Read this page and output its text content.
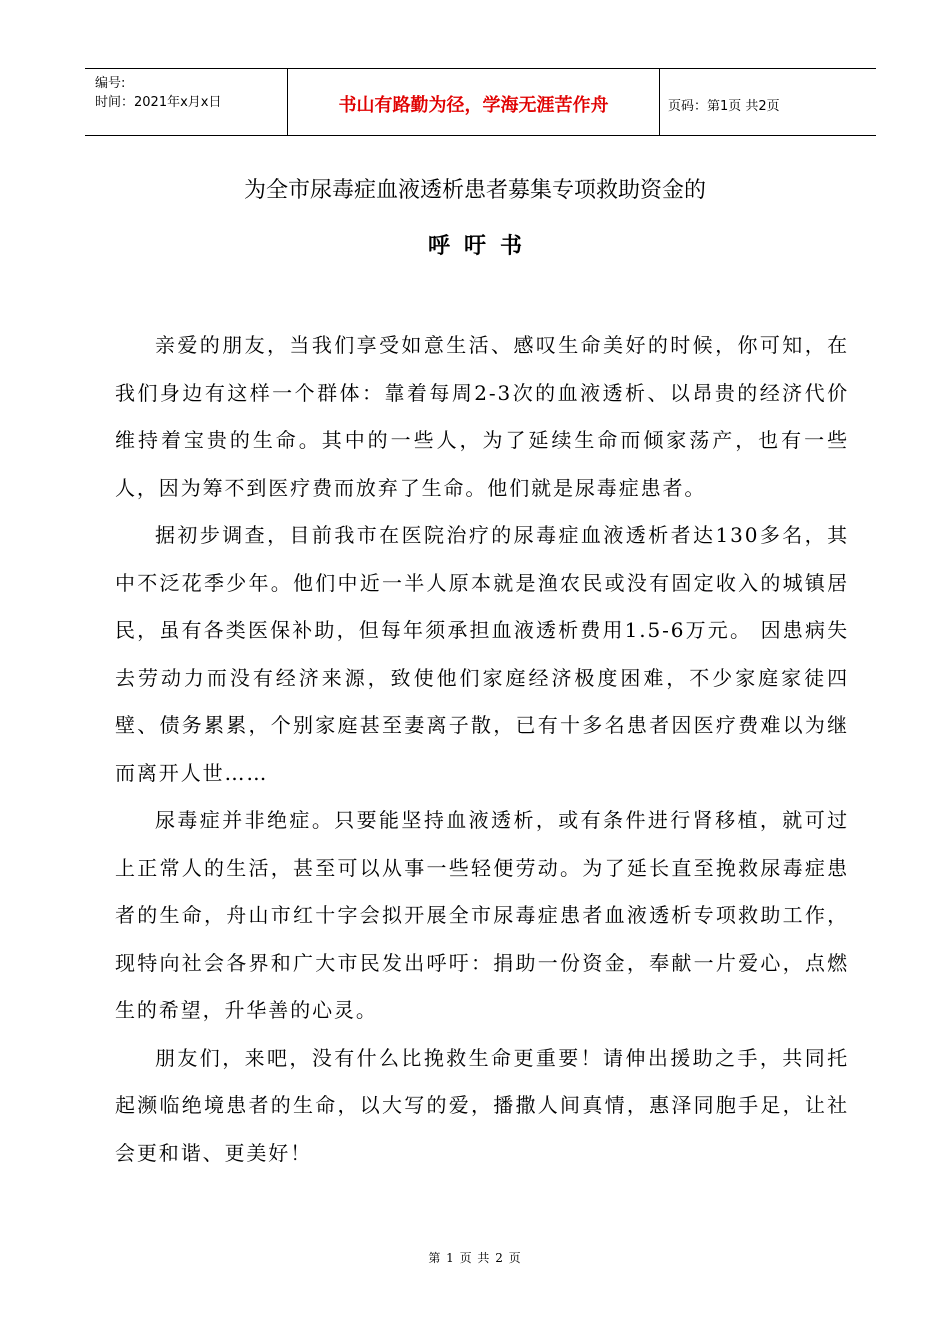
编号:
时间：2021年x月x日	书山有路勤为径，学海无涯苦作舟	页码：第1页 共2页
为全市尿毒症血液透析患者募集专项救助资金的
呼吁书

亲爱的朋友，当我们享受如意生活、感叹生命美好的时候，你可知，在我们身边有这样一个群体：靠着每周2-3次的血液透析、以昂贵的经济代价维持着宝贵的生命。其中的一些人，为了延续生命而倾家荡产，也有一些人，因为筹不到医疗费而放弃了生命。他们就是尿毒症患者。

据初步调查，目前我市在医院治疗的尿毒症血液透析者达130多名，其中不泛花季少年。他们中近一半人原本就是渔农民或没有固定收入的城镇居民，虽有各类医保补助，但每年须承担血液透析费用1.5-6万元。 因患病失去劳动力而没有经济来源，致使他们家庭经济极度困难，不少家庭家徒四壁、债务累累，个别家庭甚至妻离子散，已有十多名患者因医疗费难以为继而离开人世……

尿毒症并非绝症。只要能坚持血液透析，或有条件进行肾移植，就可过上正常人的生活，甚至可以从事一些轻便劳动。为了延长直至挽救尿毒症患者的生命，舟山市红十字会拟开展全市尿毒症患者血液透析专项救助工作，现特向社会各界和广大市民发出呼吁：捐助一份资金，奉献一片爱心，点燃生的希望，升华善的心灵。

朋友们，来吧，没有什么比挽救生命更重要！请伸出援助之手，共同托起濒临绝境患者的生命，以大写的爱，播撒人间真情，惠泽同胞手足，让社会更和谐、更美好！

第 1 页 共 2 页
